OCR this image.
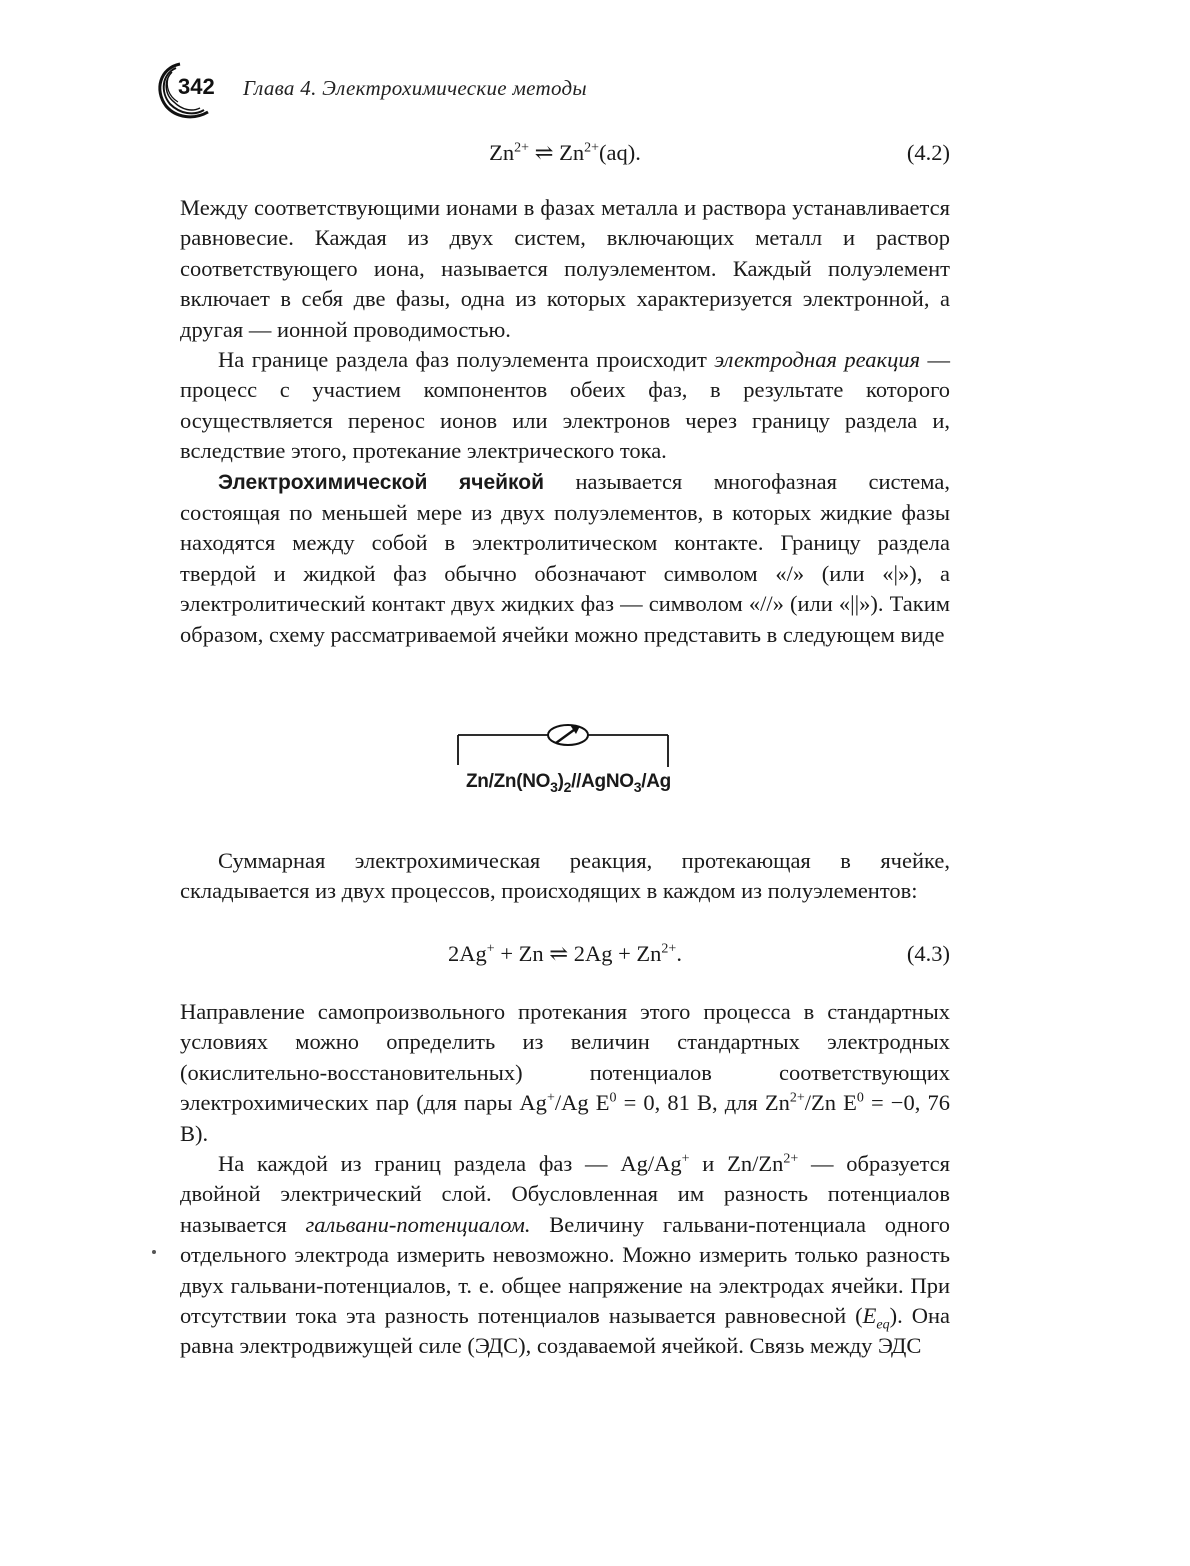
342 Глава 4. Электрохимические методы
$Zn^{2+}$ ⇌ $Zn^{2+}(aq)$.	(4.2)

Между соответствующими ионами в фазах металла и раствора устанавливается равновесие. Каждая из двух систем, включающих металл и раствор соответствующего иона, называется полуэлементом. Каждый полуэлемент включает в себя две фазы, одна из которых характеризуется электронной, а другая — ионной проводимостью.

На границе раздела фаз полуэлемента происходит электродная реакция — процесс с участием компонентов обеих фаз, в результате которого осуществляется перенос ионов или электронов через границу раздела и, вследствие этого, протекание электрического тока.

Электрохимической ячейкой называется многофазная система, состоящая по меньшей мере из двух полуэлементов, в которых жидкие фазы находятся между собой в электролитическом контакте. Границу раздела твердой и жидкой фаз обычно обозначают символом «/» (или «|»), а электролитический контакт двух жидких фаз — символом «//» (или «||»). Таким образом, схему рассматриваемой ячейки можно представить в следующем виде

$Zn/Zn(NO_3)_2//AgNO_3/Ag$

Суммарная электрохимическая реакция, протекающая в ячейке, складывается из двух процессов, происходящих в каждом из полуэлементов:

2Ag+ + Zn ⇌ $2Ag + Zn^{2+}$.	(4.3)

Направление самопроизвольного протекания этого процесса в стандартных условиях можно определить из величин стандартных электродных (окислительно-восстановительных) потенциалов соответствующих электрохимических пар (для пары Ag+/Ag $E^0 = 0$, 81 В, для $Zn^{2+}/Zn$ $E^0 = -0$, 76 В).

На каждой из границ раздела фаз — Ag/Ag+ и $Zn/Zn^{2+}$ — образуется двойной электрический слой. Обусловленная им разность потенциалов называется гальвани-потенциалом. Величину гальвани-потенциала одного отдельного электрода измерить невозможно. Можно измерить только разность двух гальвани-потенциалов, т. е. общее напряжение на электродах ячейки. При отсутствии тока эта разность потенциалов называется равновесной $(E_{eq})$. Она равна электродвижущей силе (ЭДС), создаваемой ячейкой. Связь между ЭДС
